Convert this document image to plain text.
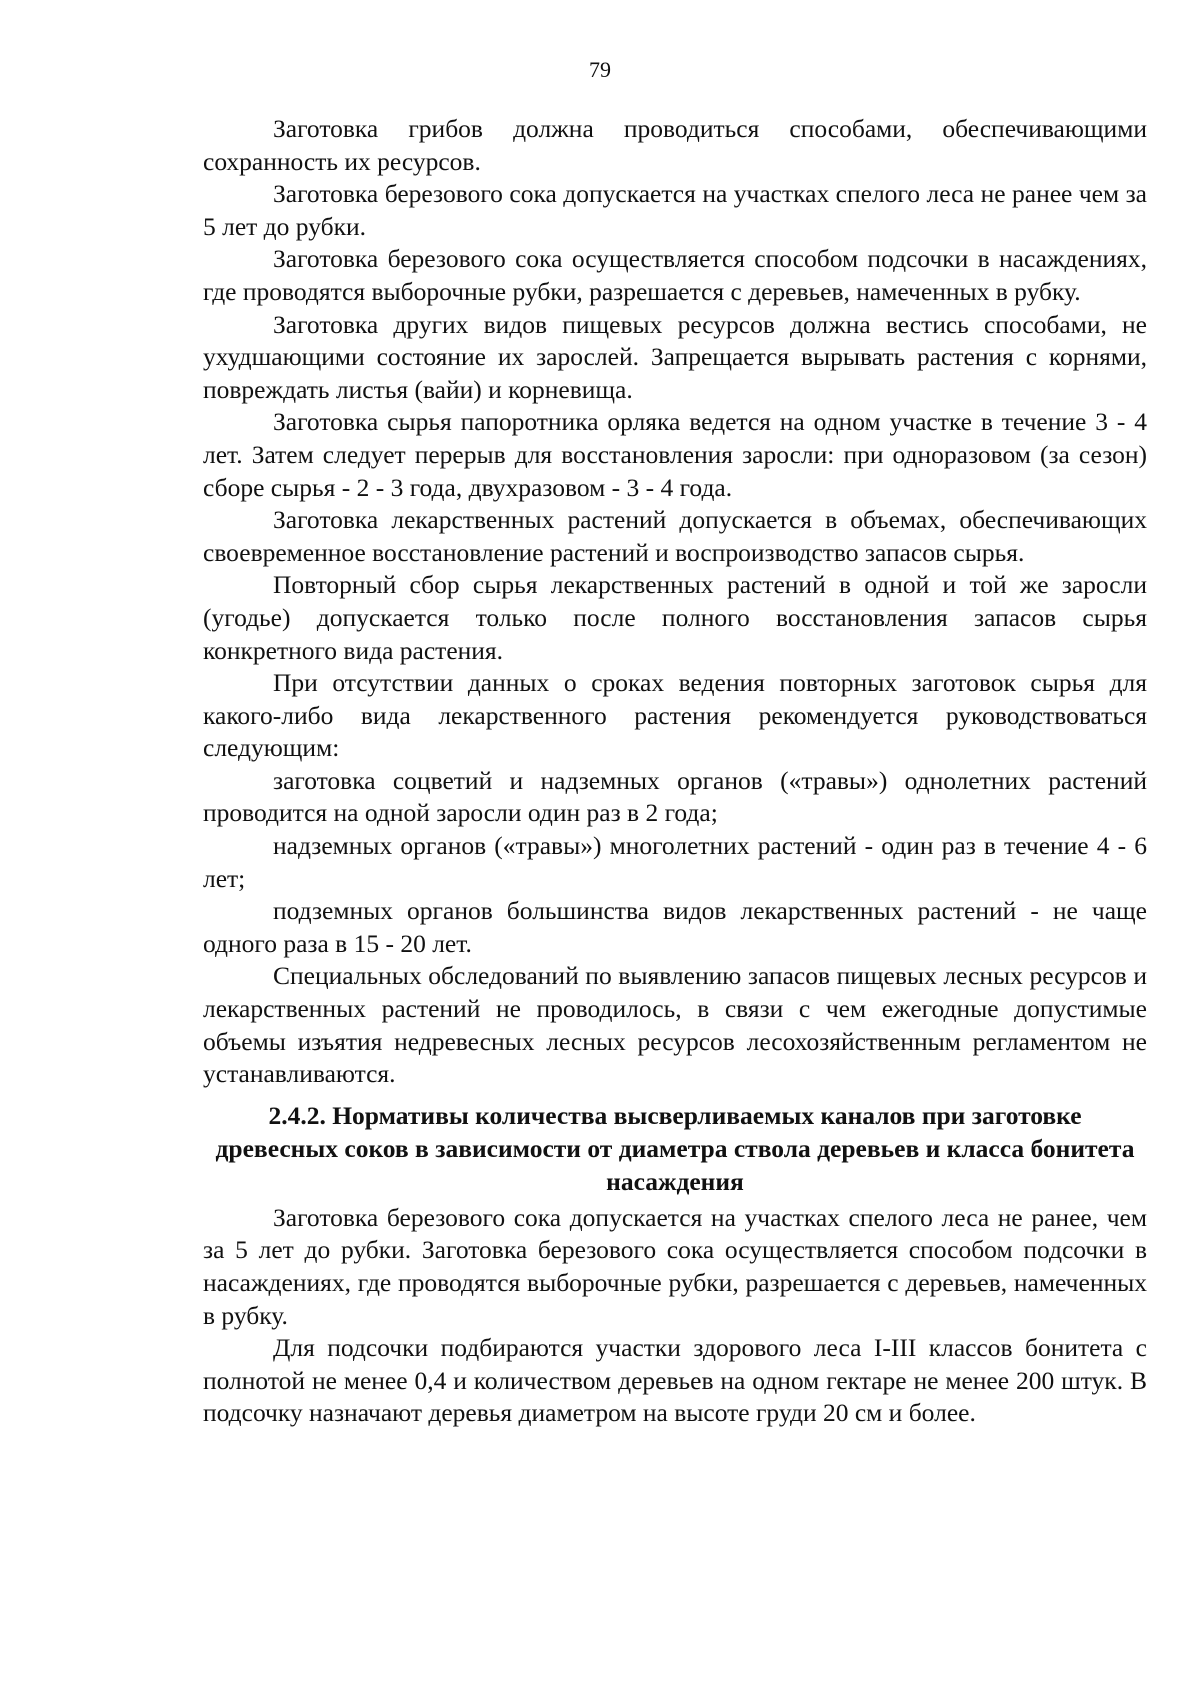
79

Заготовка грибов должна проводиться способами, обеспечивающими сохранность их ресурсов.

Заготовка березового сока допускается на участках спелого леса не ранее чем за 5 лет до рубки.

Заготовка березового сока осуществляется способом подсочки в насаждениях, где проводятся выборочные рубки, разрешается с деревьев, намеченных в рубку.

Заготовка других видов пищевых ресурсов должна вестись способами, не ухудшающими состояние их зарослей. Запрещается вырывать растения с корнями, повреждать листья (вайи) и корневища.

Заготовка сырья папоротника орляка ведется на одном участке в течение 3 - 4 лет. Затем следует перерыв для восстановления заросли: при одноразовом (за сезон) сборе сырья - 2 - 3 года, двухразовом - 3 - 4 года.

Заготовка лекарственных растений допускается в объемах, обеспечивающих своевременное восстановление растений и воспроизводство запасов сырья.

Повторный сбор сырья лекарственных растений в одной и той же заросли (угодье) допускается только после полного восстановления запасов сырья конкретного вида растения.

При отсутствии данных о сроках ведения повторных заготовок сырья для какого-либо вида лекарственного растения рекомендуется руководствоваться следующим:

заготовка соцветий и надземных органов («травы») однолетних растений проводится на одной заросли один раз в 2 года;

надземных органов («травы») многолетних растений - один раз в течение 4 - 6 лет;

подземных органов большинства видов лекарственных растений - не чаще одного раза в 15 - 20 лет.

Специальных обследований по выявлению запасов пищевых лесных ресурсов и лекарственных растений не проводилось, в связи с чем ежегодные допустимые объемы изъятия недревесных лесных ресурсов лесохозяйственным регламентом не устанавливаются.

2.4.2. Нормативы количества высверливаемых каналов при заготовке древесных соков в зависимости от диаметра ствола деревьев и класса бонитета насаждения

Заготовка березового сока допускается на участках спелого леса не ранее, чем за 5 лет до рубки. Заготовка березового сока осуществляется способом подсочки в насаждениях, где проводятся выборочные рубки, разрешается с деревьев, намеченных в рубку.

Для подсочки подбираются участки здорового леса I-III классов бонитета с полнотой не менее 0,4 и количеством деревьев на одном гектаре не менее 200 штук. В подсочку назначают деревья диаметром на высоте груди 20 см и более.
